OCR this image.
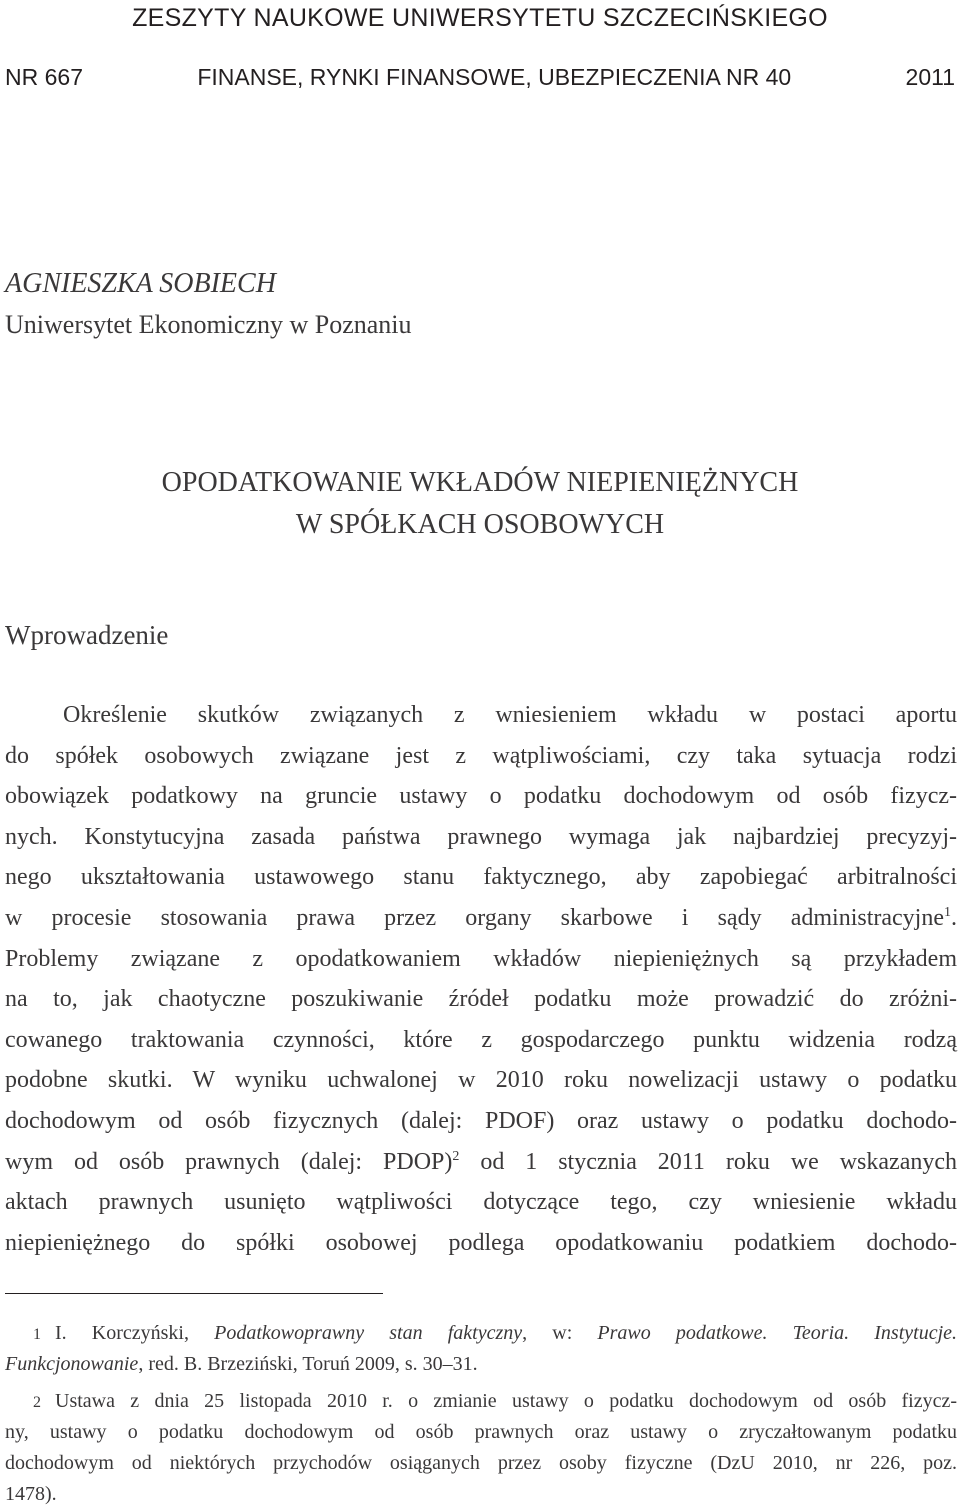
ZESZYTY NAUKOWE UNIWERSYTETU SZCZECIŃSKIEGO
NR 667	FINANSE, RYNKI FINANSOWE, UBEZPIECZENIA NR 40	2011
AGNIESZKA SOBIECH
Uniwersytet Ekonomiczny w Poznaniu
OPODATKOWANIE WKŁADÓW NIEPIENIĘŻNYCH
W SPÓŁKACH OSOBOWYCH
Wprowadzenie
Określenie skutków związanych z wniesieniem wkładu w postaci aportu
do spółek osobowych związane jest z wątpliwościami, czy taka sytuacja rodzi
obowiązek podatkowy na gruncie ustawy o podatku dochodowym od osób fizycz-
nych. Konstytucyjna zasada państwa prawnego wymaga jak najbardziej precyzyj-
nego ukształtowania ustawowego stanu faktycznego, aby zapobiegać arbitralności
w procesie stosowania prawa przez organy skarbowe i sądy administracyjne$^1$.
Problemy związane z opodatkowaniem wkładów niepieniężnych są przykładem
na to, jak chaotyczne poszukiwanie źródeł podatku może prowadzić do zróżni-
cowanego traktowania czynności, które z gospodarczego punktu widzenia rodzą
podobne skutki. W wyniku uchwalonej w 2010 roku nowelizacji ustawy o podatku
dochodowym od osób fizycznych (dalej: PDOF) oraz ustawy o podatku dochodo-
wym od osób prawnych (dalej: PDOP)$^2$ od 1 stycznia 2011 roku we wskazanych
aktach prawnych usunięto wątpliwości dotyczące tego, czy wniesienie wkładu
niepieniężnego do spółki osobowej podlega opodatkowaniu podatkiem dochodo-
1 I. Korczyński, Podatkowoprawny stan faktyczny, w: Prawo podatkowe. Teoria. Instytucje.
Funkcjonowanie, red. B. Brzeziński, Toruń 2009, s. 30–31.
2 Ustawa z dnia 25 listopada 2010 r. o zmianie ustawy o podatku dochodowym od osób fizycz-
ny, ustawy o podatku dochodowym od osób prawnych oraz ustawy o zryczałtowanym podatku
dochodowym od niektórych przychodów osiąganych przez osoby fizyczne (DzU 2010, nr 226, poz.
1478).
